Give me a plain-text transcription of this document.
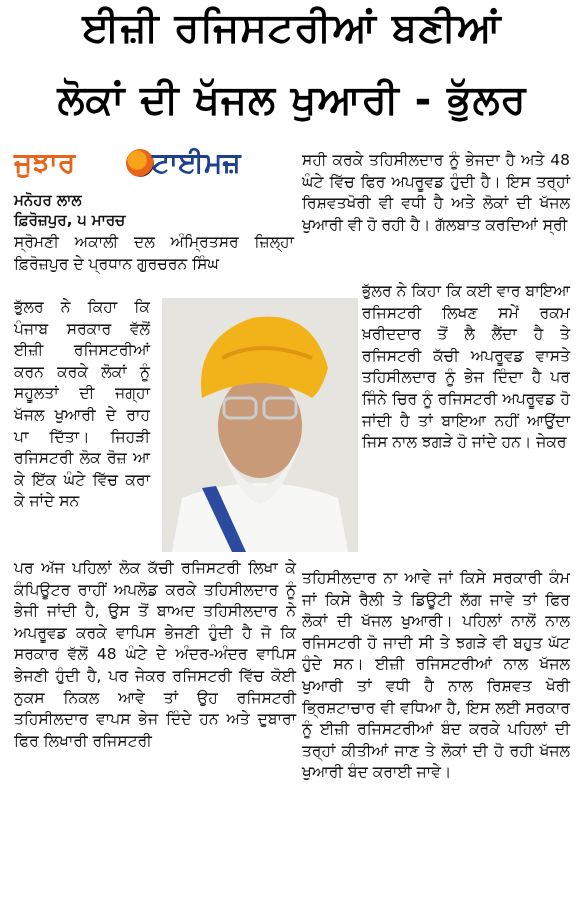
ਈਜ਼ੀ ਰਜਿਸਟਰੀਆਂ ਬਣੀਆਂ
ਲੋਕਾਂ ਦੀ ਖੱਜਲ ਖੁਆਰੀ - ਭੁੱਲਰ
ਜੁਝਾਰ	ਟਾਈਮਜ਼
ਮਨੋਹਰ ਲਾਲ
ਫ਼ਿਰੋਜ਼ਪੁਰ, ੫ ਮਾਰਚ
ਸ੍ਰੋਮਣੀ ਅਕਾਲੀ ਦਲ ਅੰਮ੍ਰਿਤਸਰ ਜ਼ਿਲ੍ਹਾ ਫ਼ਿਰੋਜ਼ਪੁਰ ਦੇ ਪ੍ਰਧਾਨ ਗੁਰਚਰਨ ਸਿੰਘ
ਭੁੱਲਰ ਨੇ ਕਿਹਾ ਕਿ ਪੰਜਾਬ ਸਰਕਾਰ ਵੱਲੋਂ ਈਜ਼ੀ ਰਜਿਸਟਰੀਆਂ ਕਰਨ ਕਰਕੇ ਲੋਕਾਂ ਨੂੰ ਸਹੂਲਤਾਂ ਦੀ ਜਗ੍ਹਾ ਖੱਜਲ ਖੁਆਰੀ ਦੇ ਰਾਹ ਪਾ ਦਿੱਤਾ। ਜਿਹੜੀ ਰਜਿਸਟਰੀ ਲੋਕ ਰੋਜ਼ ਆ ਕੇ ਇੱਕ ਘੰਟੇ ਵਿੱਚ ਕਰਾ ਕੇ ਜਾਂਦੇ ਸਨ
ਪਰ ਅੱਜ ਪਹਿਲਾਂ ਲੋਕ ਕੱਚੀ ਰਜਿਸਟਰੀ ਲਿਖਾ ਕੇ ਕੰਪਿਊਟਰ ਰਾਹੀਂ ਅਪਲੋਡ ਕਰਕੇ ਤਹਿਸੀਲਦਾਰ ਨੂੰ ਭੇਜੀ ਜਾਂਦੀ ਹੈ, ਉਸ ਤੋਂ ਬਾਅਦ ਤਹਿਸੀਲਦਾਰ ਨੇ ਅਪਰੂਵਡ ਕਰਕੇ ਵਾਪਿਸ ਭੇਜਣੀ ਹੁੰਦੀ ਹੈ ਜੋ ਕਿ ਸਰਕਾਰ ਵੱਲੋਂ 48 ਘੰਟੇ ਦੇ ਅੰਦਰ-ਅੰਦਰ ਵਾਪਿਸ ਭੇਜਣੀ ਹੁੰਦੀ ਹੈ, ਪਰ ਜੇਕਰ ਰਜਿਸਟਰੀ ਵਿੱਚ ਕੋਈ ਨੁਕਸ ਨਿਕਲ ਆਵੇ ਤਾਂ ਉਹ ਰਜਿਸਟਰੀ ਤਹਿਸੀਲਦਾਰ ਵਾਪਸ ਭੇਜ ਦਿੰਦੇ ਹਨ ਅਤੇ ਦੁਬਾਰਾ ਫਿਰ ਲਿਖਾਰੀ ਰਜਿਸਟਰੀ
ਸਹੀ ਕਰਕੇ ਤਹਿਸੀਲਦਾਰ ਨੂੰ ਭੇਜਦਾ ਹੈ ਅਤੇ 48 ਘੰਟੇ ਵਿੱਚ ਫਿਰ ਅਪਰੂਵਡ ਹੁੰਦੀ ਹੈ। ਇਸ ਤਰ੍ਹਾਂ ਰਿਸ਼ਵਤਖੋਰੀ ਵੀ ਵਧੀ ਹੈ ਅਤੇ ਲੋਕਾਂ ਦੀ ਖੱਜਲ ਖੁਆਰੀ ਵੀ ਹੋ ਰਹੀ ਹੈ। ਗੱਲਬਾਤ ਕਰਦਿਆਂ ਸ੍ਰੀ
ਭੁੱਲਰ ਨੇ ਕਿਹਾ ਕਿ ਕਈ ਵਾਰ ਬਾਇਆ ਰਜਿਸਟਰੀ ਲਿਖਣ ਸਮੇਂ ਰਕਮ ਖ਼ਰੀਦਦਾਰ ਤੋਂ ਲੈ ਲੈਂਦਾ ਹੈ ਤੇ ਰਜਿਸਟਰੀ ਕੱਚੀ ਅਪਰੂਵਡ ਵਾਸਤੇ ਤਹਿਸੀਲਦਾਰ ਨੂੰ ਭੇਜ ਦਿੰਦਾ ਹੈ ਪਰ ਜਿੰਨੇ ਚਿਰ ਨੂੰ ਰਜਿਸਟਰੀ ਅਪਰੂਵਡ ਹੋ ਜਾਂਦੀ ਹੈ ਤਾਂ ਬਾਇਆ ਨਹੀਂ ਆਉਂਦਾ ਜਿਸ ਨਾਲ ਝਗੜੇ ਹੋ ਜਾਂਦੇ ਹਨ। ਜੇਕਰ
ਤਹਿਸੀਲਦਾਰ ਨਾ ਆਵੇ ਜਾਂ ਕਿਸੇ ਸਰਕਾਰੀ ਕੰਮ ਜਾਂ ਕਿਸੇ ਰੈਲੀ ਤੇ ਡਿਊਟੀ ਲੱਗ ਜਾਵੇ ਤਾਂ ਫਿਰ ਲੋਕਾਂ ਦੀ ਖੱਜਲ ਖੁਆਰੀ। ਪਹਿਲਾਂ ਨਾਲੋਂ ਨਾਲ ਰਜਿਸਟਰੀ ਹੋ ਜਾਦੀ ਸੀ ਤੇ ਝਗੜੇ ਵੀ ਬਹੁਤ ਘੱਟ ਹੁੰਦੇ ਸਨ। ਈਜ਼ੀ ਰਜਿਸਟਰੀਆਂ ਨਾਲ ਖੱਜਲ ਖੁਆਰੀ ਤਾਂ ਵਧੀ ਹੈ ਨਾਲ ਰਿਸ਼ਵਤ ਖੋਰੀ ਭ੍ਰਿਸ਼ਟਾਚਾਰ ਵੀ ਵਧਿਆ ਹੈ, ਇਸ ਲਈ ਸਰਕਾਰ ਨੂੰ ਈਜ਼ੀ ਰਜਿਸਟਰੀਆਂ ਬੰਦ ਕਰਕੇ ਪਹਿਲਾਂ ਦੀ ਤਰ੍ਹਾਂ ਕੀਤੀਆਂ ਜਾਣ ਤੇ ਲੋਕਾਂ ਦੀ ਹੋ ਰਹੀ ਖੱਜਲ ਖੁਆਰੀ ਬੰਦ ਕਰਾਈ ਜਾਵੇ।
